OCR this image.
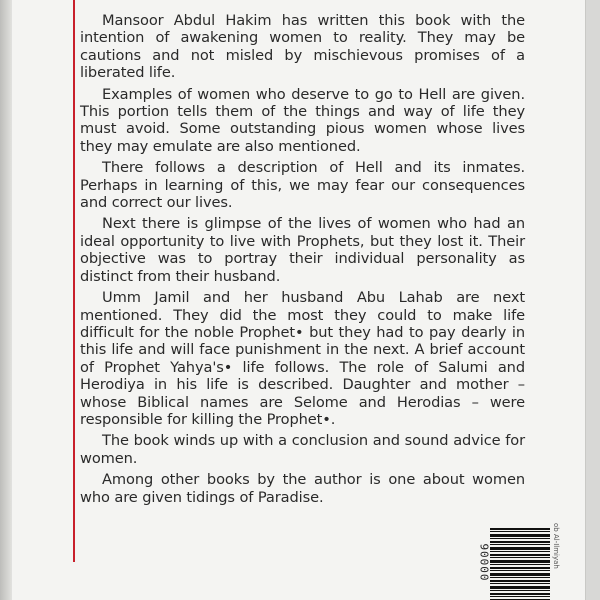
Mansoor Abdul Hakim has written this book with the intention of awakening women to reality. They may be cautions and not misled by mischievous promises of a liberated life.

Examples of women who deserve to go to Hell are given. This portion tells them of the things and way of life they must avoid. Some outstanding pious women whose lives they may emulate are also mentioned.

There follows a description of Hell and its inmates. Perhaps in learning of this, we may fear our consequences and correct our lives.

Next there is glimpse of the lives of women who had an ideal opportunity to live with Prophets, but they lost it. Their objective was to portray their individual personality as distinct from their husband.

Umm Jamil and her husband Abu Lahab are next mentioned. They did the most they could to make life difficult for the noble Prophet• but they had to pay dearly in this life and will face punishment in the next. A brief account of Prophet Yahya's• life follows. The role of Salumi and Herodiya in his life is described. Daughter and mother – whose Biblical names are Selome and Herodias – were responsible for killing the Prophet•.

The book winds up with a conclusion and sound advice for women.

Among other books by the author is one about women who are given tidings of Paradise.

90000	ob Al-Ilmiyah
